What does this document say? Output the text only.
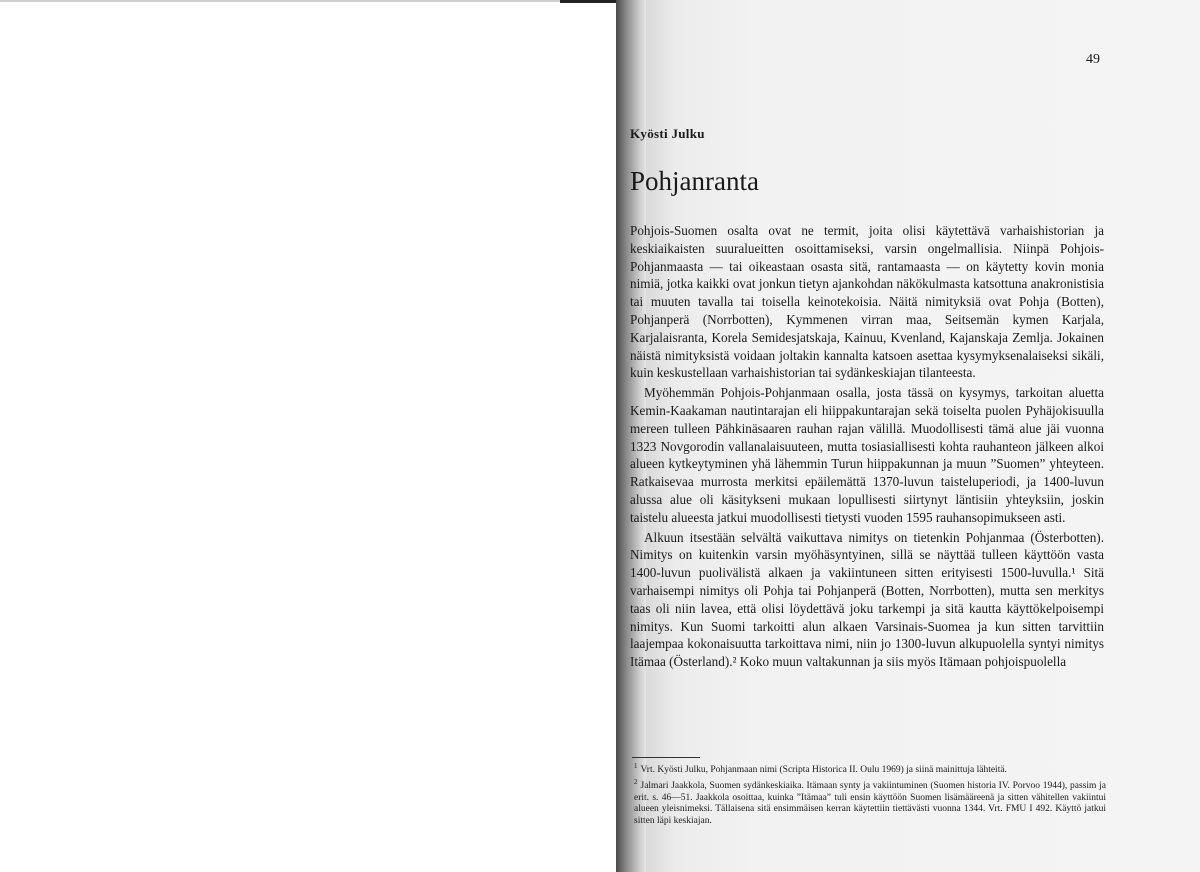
49
Kyösti Julku
Pohjanranta

Pohjois-Suomen osalta ovat ne termit, joita olisi käytettävä varhaishistorian ja keskiaikaisten suuralueitten osoittamiseksi, varsin ongelmallisia. Niinpä Pohjois-Pohjanmaasta — tai oikeastaan osasta sitä, rantamaasta — on käytetty kovin monia nimiä, jotka kaikki ovat jonkun tietyn ajankohdan näkökulmasta katsottuna anakronistisia tai muuten tavalla tai toisella keinotekoisia. Näitä nimityksiä ovat Pohja (Botten), Pohjanperä (Norrbotten), Kymmenen virran maa, Seitsemän kymen Karjala, Karjalaisranta, Korela Semidesjatskaja, Kainuu, Kvenland, Kajanskaja Zemlja. Jokainen näistä nimityksistä voidaan joltakin kannalta katsoen asettaa kysymyksenalaiseksi sikäli, kuin keskustellaan varhaishistorian tai sydänkeskiajan tilanteesta.

Myöhemmän Pohjois-Pohjanmaan osalla, josta tässä on kysymys, tarkoitan aluetta Kemin-Kaakaman nautintarajan eli hiippakuntarajan sekä toiselta puolen Pyhäjokisuulla mereen tulleen Pähkinäsaaren rauhan rajan välillä. Muodollisesti tämä alue jäi vuonna 1323 Novgorodin vallanalaisuuteen, mutta tosiasiallisesti kohta rauhanteon jälkeen alkoi alueen kytkeytyminen yhä lähemmin Turun hiippakunnan ja muun ”Suomen” yhteyteen. Ratkaisevaa murrosta merkitsi epäilemättä 1370-luvun taisteluperiodi, ja 1400-luvun alussa alue oli käsitykseni mukaan lopullisesti siirtynyt läntisiin yhteyksiin, joskin taistelu alueesta jatkui muodollisesti tietysti vuoden 1595 rauhansopimukseen asti.

Alkuun itsestään selvältä vaikuttava nimitys on tietenkin Pohjanmaa (Österbotten). Nimitys on kuitenkin varsin myöhäsyntyinen, sillä se näyttää tulleen käyttöön vasta 1400-luvun puolivälistä alkaen ja vakiintuneen sitten erityisesti 1500-luvulla.¹ Sitä varhaisempi nimitys oli Pohja tai Pohjanperä (Botten, Norrbotten), mutta sen merkitys taas oli niin lavea, että olisi löydettävä joku tarkempi ja sitä kautta käyttökelpoisempi nimitys. Kun Suomi tarkoitti alun alkaen Varsinais-Suomea ja kun sitten tarvittiin laajempaa kokonaisuutta tarkoittava nimi, niin jo 1300-luvun alkupuolella syntyi nimitys Itämaa (Österland).² Koko muun valtakunnan ja siis myös Itämaan pohjoispuolella

$^1$ Vrt. Kyösti Julku, Pohjanmaan nimi (Scripta Historica II. Oulu 1969) ja siinä mainittuja lähteitä.

$^2$ Jalmari Jaakkola, Suomen sydänkeskiaika. Itämaan synty ja vakiintuminen (Suomen historia IV. Porvoo 1944), passim ja erit. s. 46—51. Jaakkola osoittaa, kuinka ”Itämaa” tuli ensin käyttöön Suomen lisämääreenä ja sitten vähitellen vakiintui alueen yleisnimeksi. Tällaisena sitä ensimmäisen kerran käytettiin tiettävästi vuonna 1344. Vrt. FMU I 492. Käyttö jatkui sitten läpi keskiajan.
